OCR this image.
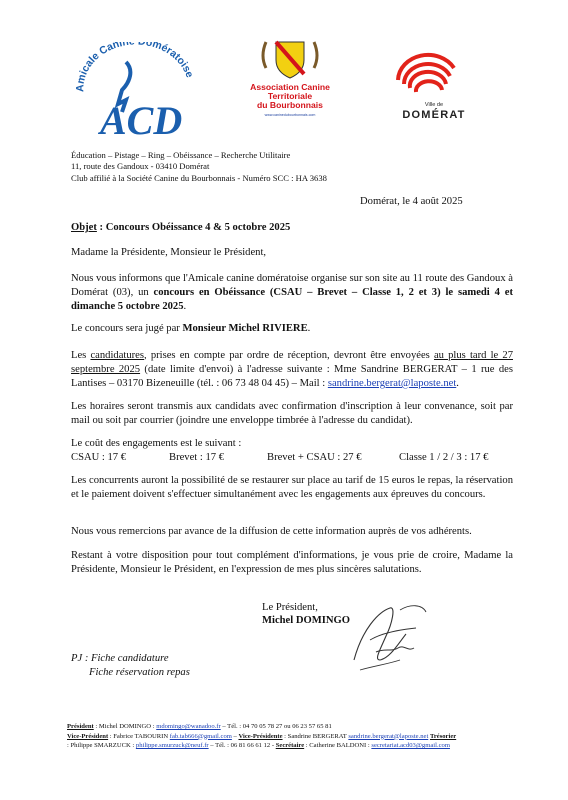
Amicale Canin omératoise
ACD
Association Canine
Territoriale
du Bourbonnais
www.caninedubourbonnais.com
Ville de
DOMÉRAT
Éducation – Pistage – Ring – Obéissance – Recherche Utilitaire
11, route des Gandoux - 03410 Domérat
Club affilié à la Société Canine du Bourbonnais - Numéro SCC : HA 3638
Domérat, le 4 août 2025
Objet : Concours Obéissance 4 & 5 octobre 2025
Madame la Présidente, Monsieur le Président,
Nous vous informons que l'Amicale canine domératoise organise sur son site au 11 route des Gandoux à Domérat (03), un concours en Obéissance (CSAU – Brevet – Classe 1, 2 et 3) le samedi 4 et dimanche 5 octobre 2025.
Le concours sera jugé par Monsieur Michel RIVIERE.
Les candidatures, prises en compte par ordre de réception, devront être envoyées au plus tard le 27 septembre 2025 (date limite d'envoi) à l'adresse suivante : Mme Sandrine BERGERAT – 1 rue des Lantises – 03170 Bizeneuille (tél. : 06 73 48 04 45) – Mail : sandrine.bergerat@laposte.net.
Les horaires seront transmis aux candidats avec confirmation d'inscription à leur convenance, soit par mail ou soit par courrier (joindre une enveloppe timbrée à l'adresse du candidat).
Le coût des engagements est le suivant :
CSAU : 17 €	Brevet : 17 €	Brevet + CSAU : 27 €	Classe 1 / 2 / 3 : 17 €
Les concurrents auront la possibilité de se restaurer sur place au tarif de 15 euros le repas, la réservation et le paiement doivent s'effectuer simultanément avec les engagements aux épreuves du concours.
Nous vous remercions par avance de la diffusion de cette information auprès de vos adhérents.
Restant à votre disposition pour tout complément d'informations, je vous prie de croire, Madame la Présidente, Monsieur le Président, en l'expression de mes plus sincères salutations.
Le Président,
Michel DOMINGO
PJ : Fiche candidature
Fiche réservation repas
Président : Michel DOMINGO : mdomingo@wanadoo.fr – Tél. : 04 70 05 78 27 ou 06 23 57 65 81
Vice-Président : Fabrice TABOURIN fab.tab666@gmail.com – Vice-Présidente : Sandrine BERGERAT sandrine.bergerat@laposte.net Trésorier
: Philippe SMARZUCK : philippe.smurzuck@neuf.fr – Tél. : 06 81 66 61 12 - Secrétaire : Catherine BALDONI : secretariat.acd03@gmail.com
